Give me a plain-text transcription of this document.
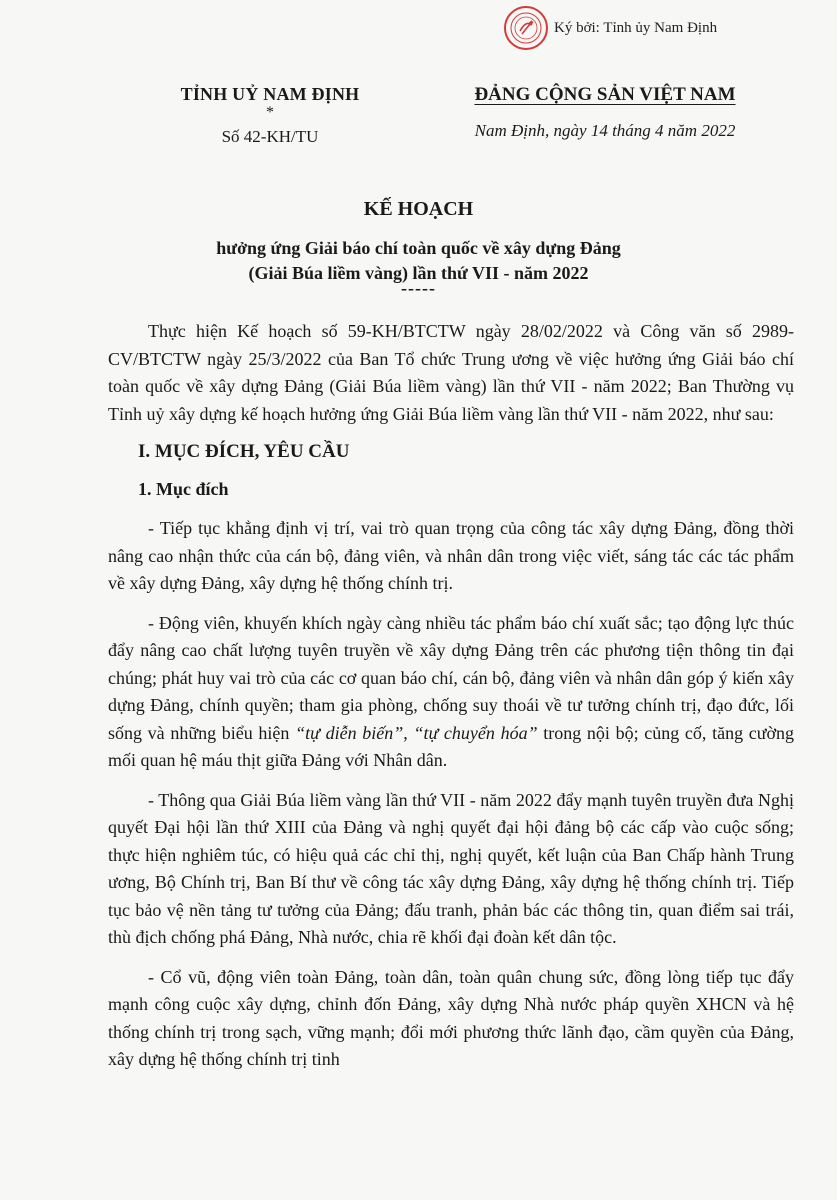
Ký bởi: Tỉnh ủy Nam Định
TỈNH UỶ NAM ĐỊNH
*
Số 42-KH/TU
ĐẢNG CỘNG SẢN VIỆT NAM
Nam Định, ngày 14 tháng 4 năm 2022
KẾ HOẠCH
hưởng ứng Giải báo chí toàn quốc về xây dựng Đảng
(Giải Búa liềm vàng) lần thứ VII - năm 2022
-----

Thực hiện Kế hoạch số 59-KH/BTCTW ngày 28/02/2022 và Công văn số 2989-CV/BTCTW ngày 25/3/2022 của Ban Tổ chức Trung ương về việc hưởng ứng Giải báo chí toàn quốc về xây dựng Đảng (Giải Búa liềm vàng) lần thứ VII - năm 2022; Ban Thường vụ Tỉnh uỷ xây dựng kế hoạch hưởng ứng Giải Búa liềm vàng lần thứ VII - năm 2022, như sau:

I. MỤC ĐÍCH, YÊU CẦU

1. Mục đích

- Tiếp tục khẳng định vị trí, vai trò quan trọng của công tác xây dựng Đảng, đồng thời nâng cao nhận thức của cán bộ, đảng viên, và nhân dân trong việc viết, sáng tác các tác phẩm về xây dựng Đảng, xây dựng hệ thống chính trị.

- Động viên, khuyến khích ngày càng nhiều tác phẩm báo chí xuất sắc; tạo động lực thúc đẩy nâng cao chất lượng tuyên truyền về xây dựng Đảng trên các phương tiện thông tin đại chúng; phát huy vai trò của các cơ quan báo chí, cán bộ, đảng viên và nhân dân góp ý kiến xây dựng Đảng, chính quyền; tham gia phòng, chống suy thoái về tư tưởng chính trị, đạo đức, lối sống và những biểu hiện “tự diễn biến”, “tự chuyển hóa” trong nội bộ; củng cố, tăng cường mối quan hệ máu thịt giữa Đảng với Nhân dân.

- Thông qua Giải Búa liềm vàng lần thứ VII - năm 2022 đẩy mạnh tuyên truyền đưa Nghị quyết Đại hội lần thứ XIII của Đảng và nghị quyết đại hội đảng bộ các cấp vào cuộc sống; thực hiện nghiêm túc, có hiệu quả các chỉ thị, nghị quyết, kết luận của Ban Chấp hành Trung ương, Bộ Chính trị, Ban Bí thư về công tác xây dựng Đảng, xây dựng hệ thống chính trị. Tiếp tục bảo vệ nền tảng tư tưởng của Đảng; đấu tranh, phản bác các thông tin, quan điểm sai trái, thù địch chống phá Đảng, Nhà nước, chia rẽ khối đại đoàn kết dân tộc.

- Cổ vũ, động viên toàn Đảng, toàn dân, toàn quân chung sức, đồng lòng tiếp tục đẩy mạnh công cuộc xây dựng, chỉnh đốn Đảng, xây dựng Nhà nước pháp quyền XHCN và hệ thống chính trị trong sạch, vững mạnh; đổi mới phương thức lãnh đạo, cầm quyền của Đảng, xây dựng hệ thống chính trị tinh
